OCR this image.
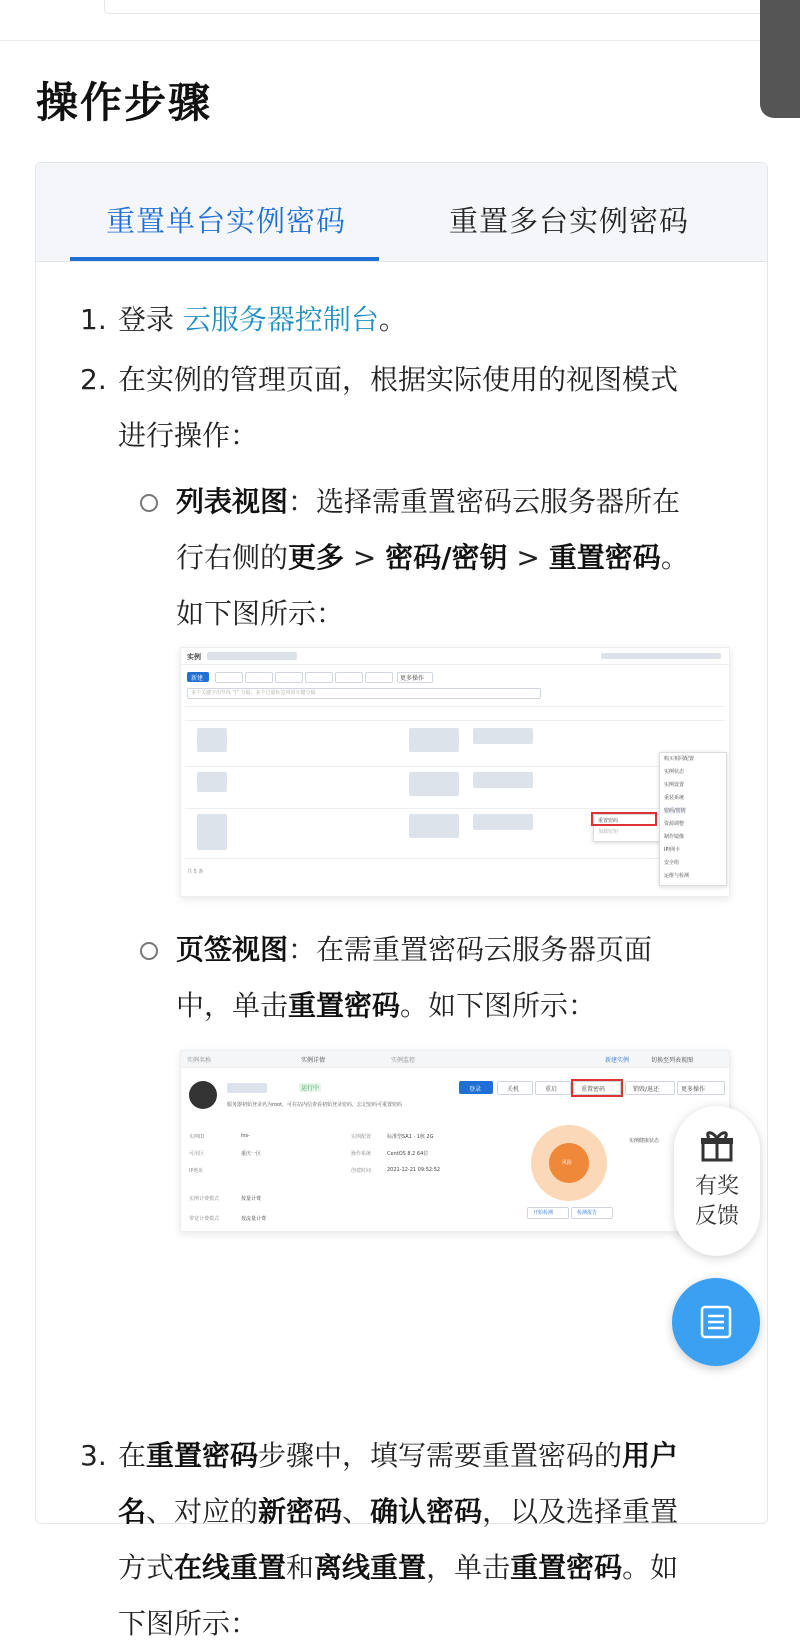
操作步骤
重置单台实例密码	重置多台实例密码
1. 登录 云服务器控制台。
2. 在实例的管理页面，根据实际使用的视图模式
进行操作：
列表视图：选择需重置密码云服务器所在
行右侧的更多 > 密码/密钥 > 重置密码。
如下图所示：
实例
新建	更多操作
多个关键字用竖线 "|" 分隔，多个过滤标签用回车键分隔
重置密码
加载密钥
购买相同配置
实例状态
实例设置
重装系统
密码/密钥
资源调整
制作镜像
IP/网卡
安全组
运维与检测
共 5 条
页签视图：在需重置密码云服务器页面
中，单击重置密码。如下图所示：
实例名称	实例详情	实例监控	新建实例	切换至列表视图
运行中
服务器初始登录名为root，可在站内信查看初始登录密码，忘记密码可重置密码
登录	关机	重启	重置密码	销毁/退还	更多操作
实例ID	ins-
可用区	重庆一区
IP地址
实例计费模式	按量计费
带宽计费模式	按流量计费
实例配置	标准型SA1 · 1核 2G
操作系统	CentOS 8.2 64位
创建时间	2021-12-21 09:52:52
风险
开始检测	检测报告
实例健康状态
3. 在重置密码步骤中，填写需要重置密码的用户
名、对应的新密码、确认密码，以及选择重置
方式在线重置和离线重置，单击重置密码。如
下图所示：
有奖
反馈
